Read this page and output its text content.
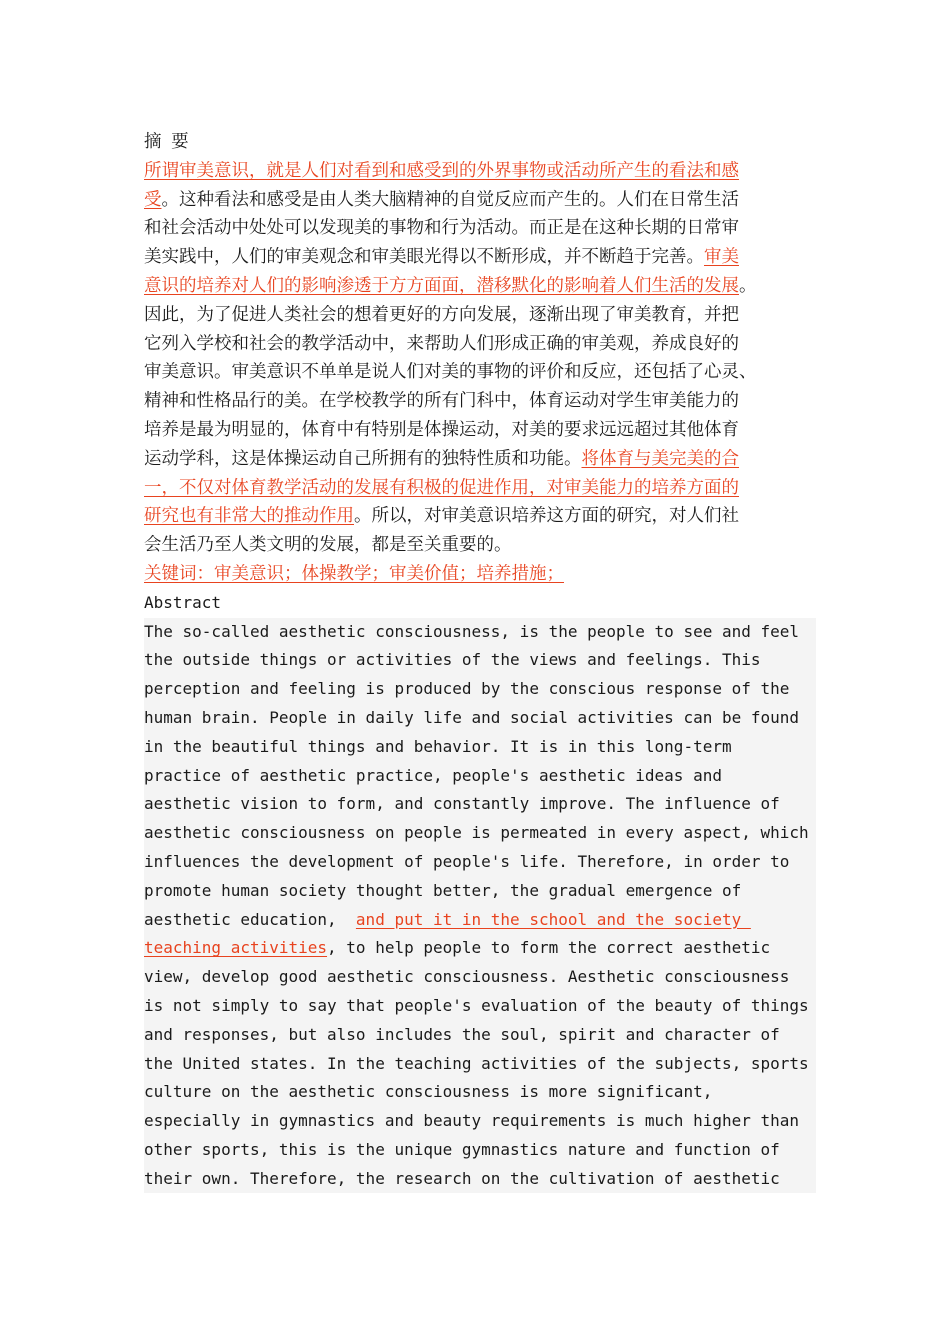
摘 要

所谓审美意识，就是人们对看到和感受到的外界事物或活动所产生的看法和感
受。这种看法和感受是由人类大脑精神的自觉反应而产生的。人们在日常生活
和社会活动中处处可以发现美的事物和行为活动。而正是在这种长期的日常审
美实践中，人们的审美观念和审美眼光得以不断形成，并不断趋于完善。审美
意识的培养对人们的影响渗透于方方面面，潜移默化的影响着人们生活的发展。
因此，为了促进人类社会的想着更好的方向发展，逐渐出现了审美教育，并把
它列入学校和社会的教学活动中，来帮助人们形成正确的审美观，养成良好的
审美意识。审美意识不单单是说人们对美的事物的评价和反应，还包括了心灵、
精神和性格品行的美。在学校教学的所有门科中，体育运动对学生审美能力的
培养是最为明显的，体育中有特别是体操运动，对美的要求远远超过其他体育
运动学科，这是体操运动自己所拥有的独特性质和功能。将体育与美完美的合
一，不仅对体育教学活动的发展有积极的促进作用，对审美能力的培养方面的
研究也有非常大的推动作用。所以，对审美意识培养这方面的研究，对人们社
会生活乃至人类文明的发展，都是至关重要的。

关键词：审美意识；体操教学；审美价值；培养措施；

Abstract

The so-called aesthetic consciousness, is the people to see and feel
the outside things or activities of the views and feelings. This
perception and feeling is produced by the conscious response of the
human brain. People in daily life and social activities can be found
in the beautiful things and behavior. It is in this long-term
practice of aesthetic practice, people's aesthetic ideas and
aesthetic vision to form, and constantly improve. The influence of
aesthetic consciousness on people is permeated in every aspect, which
influences the development of people's life. Therefore, in order to
promote human society thought better, the gradual emergence of
aesthetic education,  and put it in the school and the society
teaching activities, to help people to form the correct aesthetic
view, develop good aesthetic consciousness. Aesthetic consciousness
is not simply to say that people's evaluation of the beauty of things
and responses, but also includes the soul, spirit and character of
the United states. In the teaching activities of the subjects, sports
culture on the aesthetic consciousness is more significant,
especially in gymnastics and beauty requirements is much higher than
other sports, this is the unique gymnastics nature and function of
their own. Therefore, the research on the cultivation of aesthetic
